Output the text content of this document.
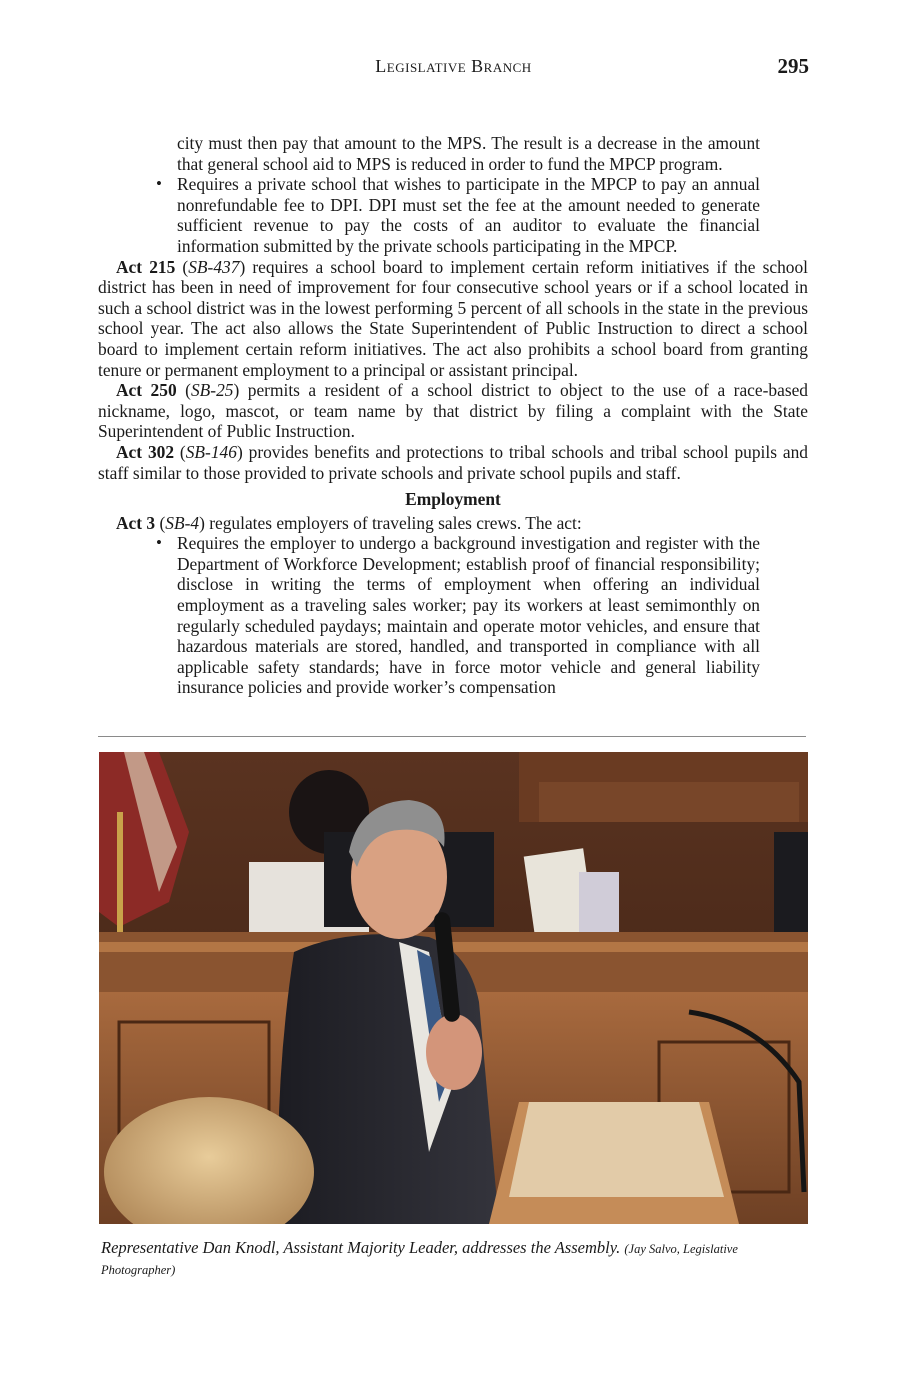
Legislative Branch	295

city must then pay that amount to the MPS. The result is a decrease in the amount that general school aid to MPS is reduced in order to fund the MPCP program.

• Requires a private school that wishes to participate in the MPCP to pay an annual nonrefundable fee to DPI. DPI must set the fee at the amount needed to generate sufficient revenue to pay the costs of an auditor to evaluate the financial information submitted by the private schools participating in the MPCP.

Act 215 (SB-437) requires a school board to implement certain reform initiatives if the school district has been in need of improvement for four consecutive school years or if a school located in such a school district was in the lowest performing 5 percent of all schools in the state in the previous school year. The act also allows the State Superintendent of Public Instruction to direct a school board to implement certain reform initiatives. The act also prohibits a school board from granting tenure or permanent employment to a principal or assistant principal.

Act 250 (SB-25) permits a resident of a school district to object to the use of a race-based nickname, logo, mascot, or team name by that district by filing a complaint with the State Superintendent of Public Instruction.

Act 302 (SB-146) provides benefits and protections to tribal schools and tribal school pupils and staff similar to those provided to private schools and private school pupils and staff.

Employment

Act 3 (SB-4) regulates employers of traveling sales crews. The act:

• Requires the employer to undergo a background investigation and register with the Department of Workforce Development; establish proof of financial responsibility; disclose in writing the terms of employment when offering an individual employment as a traveling sales worker; pay its workers at least semimonthly on regularly scheduled paydays; maintain and operate motor vehicles, and ensure that hazardous materials are stored, handled, and transported in compliance with all applicable safety standards; have in force motor vehicle and general liability insurance policies and provide worker’s compensation

Representative Dan Knodl, Assistant Majority Leader, addresses the Assembly. (Jay Salvo, Legislative Photographer)
